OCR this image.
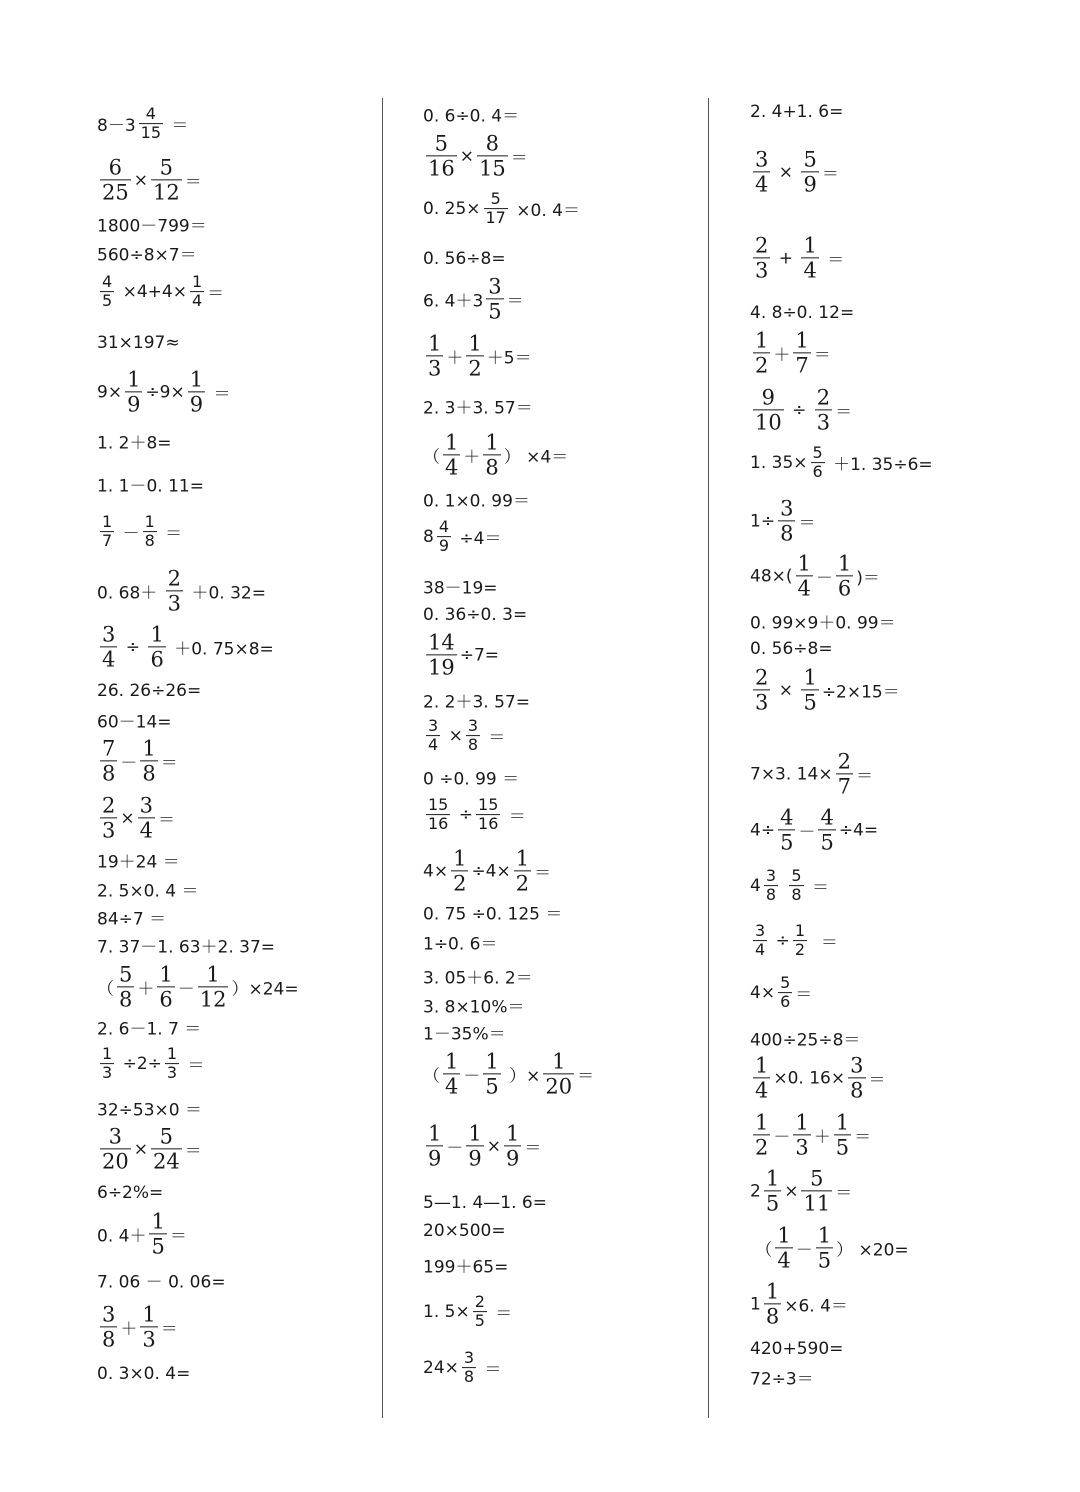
$8-3 \frac{4}{15}$ ＝
$\frac{6}{25} \times \frac{5}{12}$ ＝
1800－799＝
560÷8×7＝
$\frac{4}{5} \times 4+4\times \frac{1}{4}$ ＝
31×197≈
$9\times \frac{1}{9} \div 9\times \frac{1}{9}$ ＝
1. 2＋8=
1. 1－0. 11=
$\frac{1}{7} - \frac{1}{8}$ ＝
0. $68+ \frac{2}{3} +0$. 32=
$\frac{3}{4} \div \frac{1}{6} +0$. 75×8=
26. 26÷26=
60－14=
$\frac{7}{8} - \frac{1}{8}$ ＝
$\frac{2}{3} \times \frac{3}{4}$ ＝
19＋24 ＝
2. 5×0. 4 ＝
84÷7 ＝
7. 37－1. 63＋2. 37=
（ $\frac{5}{8} + \frac{1}{6} - \frac{1}{12} )\times 24=$
2. 6－1. 7 ＝
$\frac{1}{3} \div 2\div \frac{1}{3}$ ＝
32÷53×0 ＝
$\frac{3}{20} \times \frac{5}{24}$ ＝
6÷2%=
0. $4+ \frac{1}{5}$ ＝
7. 06 － 0. 06=
$\frac{3}{8} + \frac{1}{3}$ ＝
0. 3×0. 4=
0. 6÷0. 4＝
$\frac{5}{16} \times \frac{8}{15}$ ＝
0. $25\times \frac{5}{17} \times 0$. 4＝
0. 56÷8=
6. $4+3 \frac{3}{5}$ ＝
$\frac{1}{3} + \frac{1}{2} +5=$
2. 3＋3. 57＝
（ $\frac{1}{4} + \frac{1}{8}$ ） ×4＝
0. 1×0. 99＝
$8 \frac{4}{9} \div 4=$
38－19=
0. 36÷0. 3=
$\frac{14}{19} \div 7=$
2. 2＋3. 57=
$\frac{3}{4} \times \frac{3}{8}$ ＝
0 ÷0. 99 ＝
$\frac{15}{16} \div \frac{15}{16}$ ＝
$4\times \frac{1}{2} \div 4\times \frac{1}{2}$ ＝
0. 75 ÷0. 125 ＝
1÷0. 6＝
3. 05＋6. 2＝
3. 8×10%＝
1－35%＝
（ $\frac{1}{4} - \frac{1}{5}$ ）× $\frac{1}{20}$ ＝
$\frac{1}{9} - \frac{1}{9} \times \frac{1}{9}$ ＝
5—1. 4—1. 6=
20×500=
199＋65=
1. $5\times \frac{2}{5}$ ＝
$24\times \frac{3}{8}$ ＝
2. 4+1. 6=
$\frac{3}{4} \times \frac{5}{9}$ ＝
$\frac{2}{3} + \frac{1}{4}$ ＝
4. 8÷0. 12=
$\frac{1}{2} + \frac{1}{7}$ ＝
$\frac{9}{10} \div \frac{2}{3}$ ＝
1. $35\times \frac{5}{6} +1$. 35÷6=
$1\div \frac{3}{8}$ ＝
$48\times( \frac{1}{4} - \frac{1}{6}$ )＝
0. 99×9＋0. 99＝
0. 56÷8=
$\frac{2}{3} \times \frac{1}{5} \div 2\times 15=$
7×3. $14\times \frac{2}{7}$ ＝
$4\div \frac{4}{5} - \frac{4}{5} \div 4=$
$4 \frac{3}{8}$
$\frac{5}{8}$ ＝
$\frac{3}{4} \div \frac{1}{2}$ ＝
$4\times \frac{5}{6}$ ＝
400÷25÷8＝
$\frac{1}{4} \times 0$. $16\times \frac{3}{8}$ ＝
$\frac{1}{2} - \frac{1}{3} + \frac{1}{5}$ ＝
$2 \frac{1}{5} \times \frac{5}{11}$ ＝
（ $\frac{1}{4} - \frac{1}{5}$ ） ×20=
$1 \frac{1}{8} \times 6$. 4＝
420+590=
72÷3＝
